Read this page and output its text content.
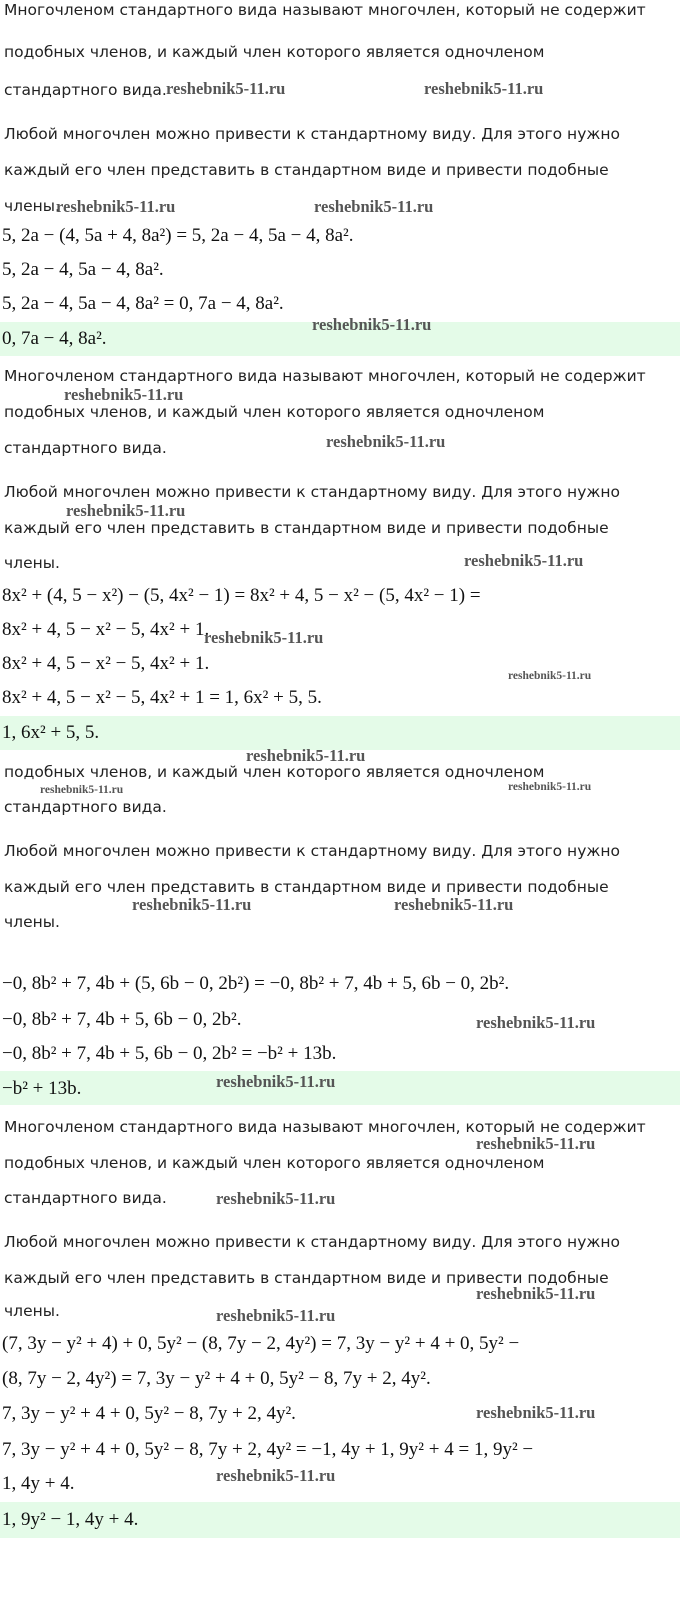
Многочленом стандартного вида называют многочлен, который не содержит
подобных членов, и каждый член которого является одночленом
стандартного вида. reshebnik5-11.ru	reshebnik5-11.ru
Любой многочлен можно привести к стандартному виду. Для этого нужно
каждый его член представить в стандартном виде и привести подобные
члены.
reshebnik5-11.ru	reshebnik5-11.ru
5, 2a − (4, 5a + 4, 8a²) = 5, 2a − 4, 5a − 4, 8a².
5, 2a − 4, 5a − 4, 8a².
5, 2a − 4, 5a − 4, 8a² = 0, 7a − 4, 8a².
0, 7a − 4, 8a².
reshebnik5-11.ru
Многочленом стандартного вида называют многочлен, который не содержит
reshebnik5-11.ru
подобных членов, и каждый член которого является одночленом
стандартного вида.	reshebnik5-11.ru
Любой многочлен можно привести к стандартному виду. Для этого нужно
reshebnik5-11.ru
каждый его член представить в стандартном виде и привести подобные
члены.	reshebnik5-11.ru
8x² + (4, 5 − x²) − (5, 4x² − 1) = 8x² + 4, 5 − x² − (5, 4x² − 1) =
8x² + 4, 5 − x² − 5, 4x² + 1.
reshebnik5-11.ru
8x² + 4, 5 − x² − 5, 4x² + 1.
reshebnik5-11.ru
8x² + 4, 5 − x² − 5, 4x² + 1 = 1, 6x² + 5, 5.
1, 6x² + 5, 5.
reshebnik5-11.ru
подобных членов, и каждый член которого является одночленом
reshebnik5-11.ru	reshebnik5-11.ru
стандартного вида.
Любой многочлен можно привести к стандартному виду. Для этого нужно
каждый его член представить в стандартном виде и привести подобные
reshebnik5-11.ru	reshebnik5-11.ru
члены.
−0, 8b² + 7, 4b + (5, 6b − 0, 2b²) = −0, 8b² + 7, 4b + 5, 6b − 0, 2b².
−0, 8b² + 7, 4b + 5, 6b − 0, 2b².	reshebnik5-11.ru
−0, 8b² + 7, 4b + 5, 6b − 0, 2b² = −b² + 13b.
−b² + 13b.	reshebnik5-11.ru
Многочленом стандартного вида называют многочлен, который не содержит
reshebnik5-11.ru
подобных членов, и каждый член которого является одночленом
стандартного вида.	reshebnik5-11.ru
Любой многочлен можно привести к стандартному виду. Для этого нужно
каждый его член представить в стандартном виде и привести подобные
reshebnik5-11.ru
члены.	reshebnik5-11.ru
(7, 3y − y² + 4) + 0, 5y² − (8, 7y − 2, 4y²) = 7, 3y − y² + 4 + 0, 5y² −
(8, 7y − 2, 4y²) = 7, 3y − y² + 4 + 0, 5y² − 8, 7y + 2, 4y².
7, 3y − y² + 4 + 0, 5y² − 8, 7y + 2, 4y².	reshebnik5-11.ru
7, 3y − y² + 4 + 0, 5y² − 8, 7y + 2, 4y² = −1, 4y + 1, 9y² + 4 = 1, 9y² −
1, 4y + 4.	reshebnik5-11.ru
1, 9y² − 1, 4y + 4.
